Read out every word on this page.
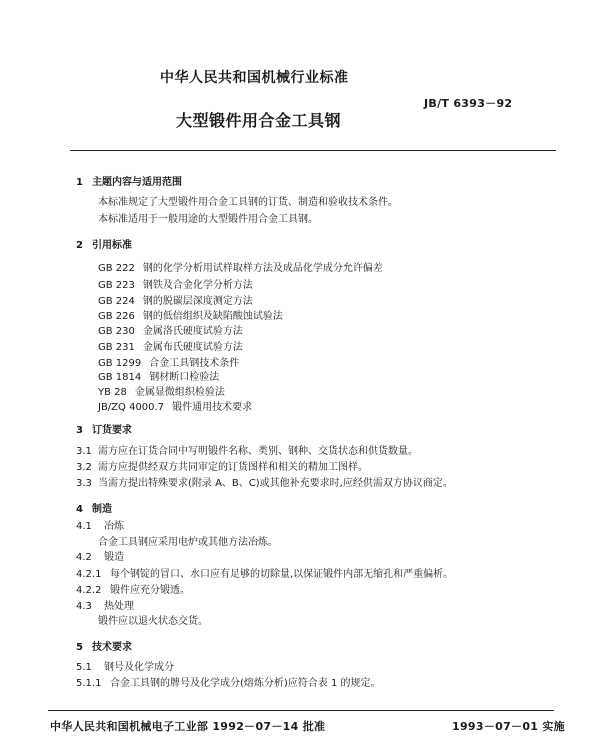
中华人民共和国机械行业标准
JB/T 6393－92
大型锻件用合金工具钢
1 主题内容与适用范围
本标准规定了大型锻件用合金工具钢的订货、制造和验收技术条件。
本标准适用于一般用途的大型锻件用合金工具钢。
2 引用标准
GB 222 钢的化学分析用试样取样方法及成品化学成分允许偏差
GB 223 钢铁及合金化学分析方法
GB 224 钢的脱碳层深度测定方法
GB 226 钢的低倍组织及缺陷酸蚀试验法
GB 230 金属洛氏硬度试验方法
GB 231 金属布氏硬度试验方法
GB 1299 合金工具钢技术条件
GB 1814 钢材断口检验法
YB 28 金属显微组织检验法
JB/ZQ 4000.7 锻件通用技术要求
3 订货要求
3.1 需方应在订货合同中写明锻件名称、类别、钢种、交货状态和供货数量。
3.2 需方应提供经双方共同审定的订货图样和相关的精加工图样。
3.3 当需方提出特殊要求(附录 A、B、C)或其他补充要求时,应经供需双方协议商定。
4 制造
4.1 冶炼
合金工具钢应采用电炉或其他方法冶炼。
4.2 锻造
4.2.1 每个钢锭的冒口、水口应有足够的切除量,以保证锻件内部无缩孔和严重偏析。
4.2.2 锻件应充分锻透。
4.3 热处理
锻件应以退火状态交货。
5 技术要求
5.1 钢号及化学成分
5.1.1 合金工具钢的牌号及化学成分(熔炼分析)应符合表 1 的规定。
中华人民共和国机械电子工业部 1992－07－14 批准	1993－07－01 实施
